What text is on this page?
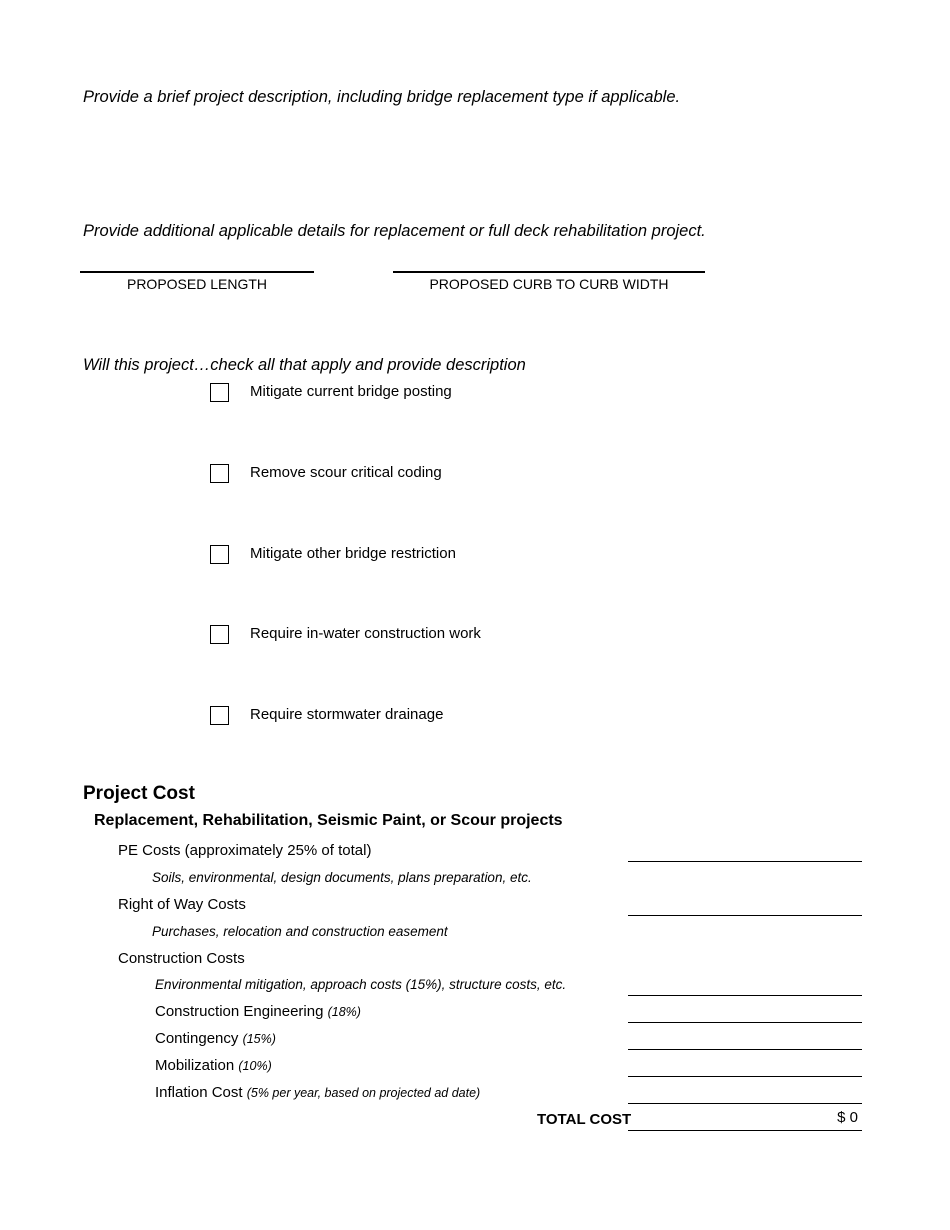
Provide a brief project description, including bridge replacement type if applicable.
Provide additional applicable details for replacement or full deck rehabilitation project.
PROPOSED LENGTH	PROPOSED CURB TO CURB WIDTH
Will this project…check all that apply and provide description
Mitigate current bridge posting
Remove scour critical coding
Mitigate other bridge restriction
Require in-water construction work
Require stormwater drainage
Project Cost
Replacement, Rehabilitation, Seismic Paint, or Scour projects
PE Costs (approximately 25% of total)
Soils, environmental, design documents, plans preparation, etc.
Right of Way Costs
Purchases, relocation and construction easement
Construction Costs
Environmental mitigation, approach costs (15%), structure costs, etc.
Construction Engineering (18%)
Contingency (15%)
Mobilization (10%)
Inflation Cost (5% per year, based on projected ad date)
TOTAL COST	$ 0
